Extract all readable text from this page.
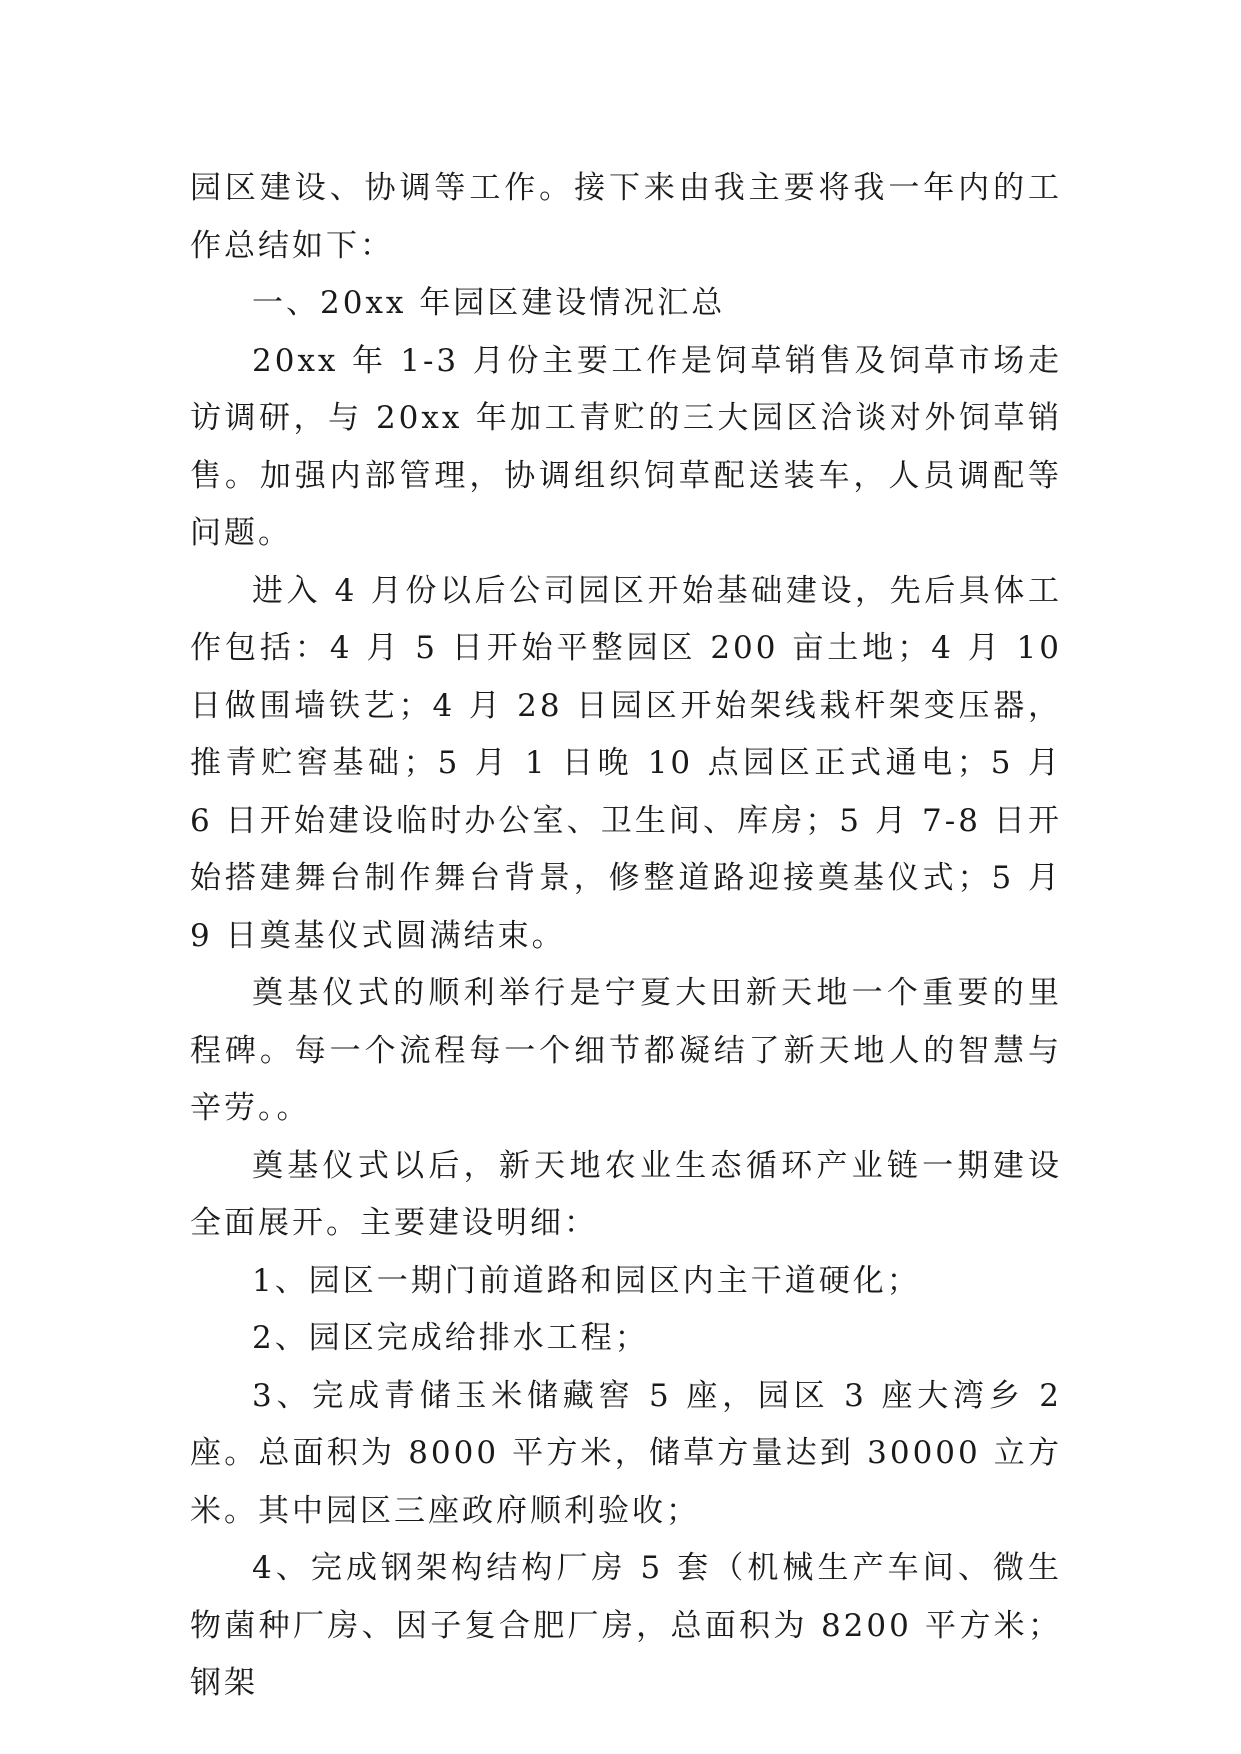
园区建设、协调等工作。接下来由我主要将我一年内的工作总结如下：

一、20xx 年园区建设情况汇总

20xx 年 1-3 月份主要工作是饲草销售及饲草市场走访调研，与 20xx 年加工青贮的三大园区洽谈对外饲草销售。加强内部管理，协调组织饲草配送装车，人员调配等问题。

进入 4 月份以后公司园区开始基础建设，先后具体工作包括：4 月 5 日开始平整园区 200 亩土地；4 月 10 日做围墙铁艺；4 月 28 日园区开始架线栽杆架变压器，推青贮窖基础；5 月 1 日晚 10 点园区正式通电；5 月 6 日开始建设临时办公室、卫生间、库房；5 月 7-8 日开始搭建舞台制作舞台背景，修整道路迎接奠基仪式；5 月 9 日奠基仪式圆满结束。

奠基仪式的顺利举行是宁夏大田新天地一个重要的里程碑。每一个流程每一个细节都凝结了新天地人的智慧与辛劳。。

奠基仪式以后，新天地农业生态循环产业链一期建设全面展开。主要建设明细：

1、园区一期门前道路和园区内主干道硬化；

2、园区完成给排水工程；

3、完成青储玉米储藏窖 5 座，园区 3 座大湾乡 2 座。总面积为 8000 平方米，储草方量达到 30000 立方米。其中园区三座政府顺利验收；

4、完成钢架构结构厂房 5 套（机械生产车间、微生物菌种厂房、因子复合肥厂房，总面积为 8200 平方米；钢架
